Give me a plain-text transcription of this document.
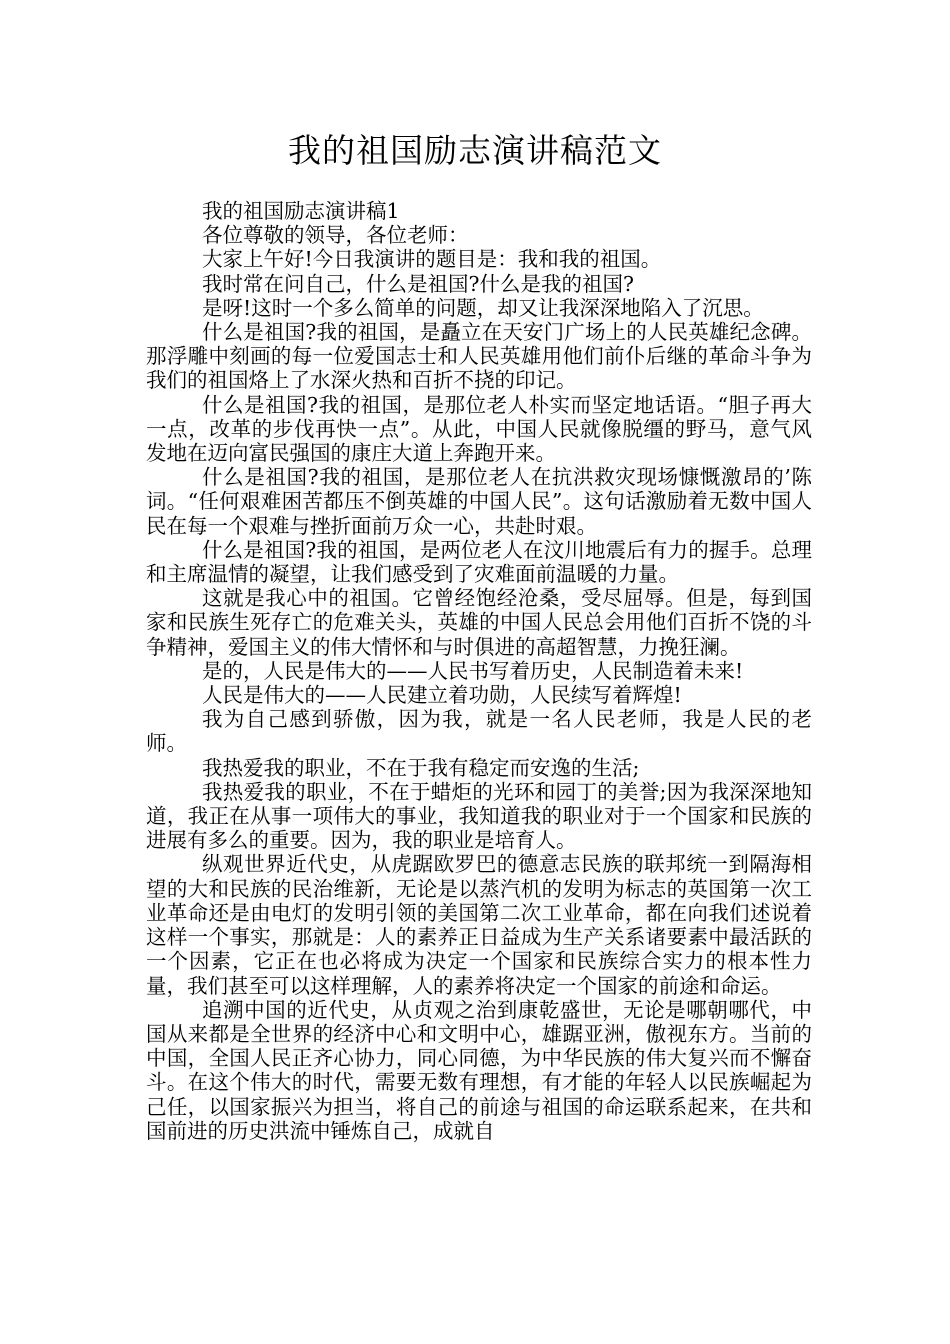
我的祖国励志演讲稿范文

我的祖国励志演讲稿1

各位尊敬的领导，各位老师：

大家上午好!今日我演讲的题目是：我和我的祖国。

我时常在问自己，什么是祖国?什么是我的祖国?

是呀!这时一个多么简单的问题，却又让我深深地陷入了沉思。

什么是祖国?我的祖国，是矗立在天安门广场上的人民英雄纪念碑。那浮雕中刻画的每一位爱国志士和人民英雄用他们前仆后继的革命斗争为我们的祖国烙上了水深火热和百折不挠的印记。

什么是祖国?我的祖国，是那位老人朴实而坚定地话语。“胆子再大一点，改革的步伐再快一点”。从此，中国人民就像脱缰的野马，意气风发地在迈向富民强国的康庄大道上奔跑开来。

什么是祖国?我的祖国，是那位老人在抗洪救灾现场慷慨激昂的’陈词。“任何艰难困苦都压不倒英雄的中国人民”。这句话激励着无数中国人民在每一个艰难与挫折面前万众一心，共赴时艰。

什么是祖国?我的祖国，是两位老人在汶川地震后有力的握手。总理和主席温情的凝望，让我们感受到了灾难面前温暖的力量。

这就是我心中的祖国。它曾经饱经沧桑，受尽屈辱。但是，每到国家和民族生死存亡的危难关头，英雄的中国人民总会用他们百折不饶的斗争精神，爱国主义的伟大情怀和与时俱进的高超智慧，力挽狂澜。

是的，人民是伟大的——人民书写着历史，人民制造着未来!

人民是伟大的——人民建立着功勋，人民续写着辉煌!

我为自己感到骄傲，因为我，就是一名人民老师，我是人民的老师。

我热爱我的职业，不在于我有稳定而安逸的生活;

我热爱我的职业，不在于蜡炬的光环和园丁的美誉;因为我深深地知道，我正在从事一项伟大的事业，我知道我的职业对于一个国家和民族的进展有多么的重要。因为，我的职业是培育人。

纵观世界近代史，从虎踞欧罗巴的德意志民族的联邦统一到隔海相望的大和民族的民治维新，无论是以蒸汽机的发明为标志的英国第一次工业革命还是由电灯的发明引领的美国第二次工业革命，都在向我们述说着这样一个事实，那就是：人的素养正日益成为生产关系诸要素中最活跃的一个因素，它正在也必将成为决定一个国家和民族综合实力的根本性力量，我们甚至可以这样理解，人的素养将决定一个国家的前途和命运。

追溯中国的近代史，从贞观之治到康乾盛世，无论是哪朝哪代，中国从来都是全世界的经济中心和文明中心，雄踞亚洲，傲视东方。当前的中国，全国人民正齐心协力，同心同德，为中华民族的伟大复兴而不懈奋斗。在这个伟大的时代，需要无数有理想，有才能的年轻人以民族崛起为己任，以国家振兴为担当，将自己的前途与祖国的命运联系起来，在共和国前进的历史洪流中锤炼自己，成就自
